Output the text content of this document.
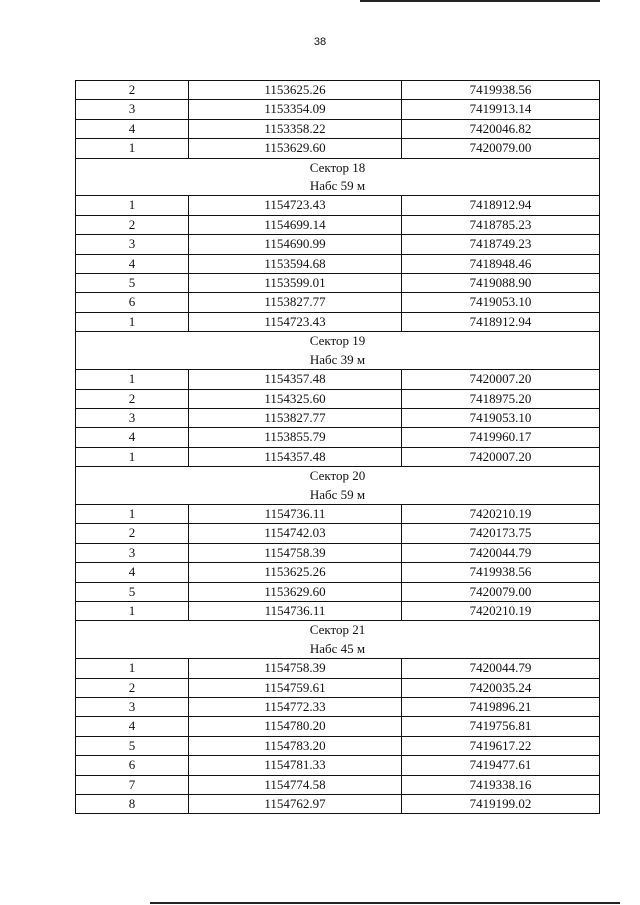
38
2	1153625.26	7419938.56
3	1153354.09	7419913.14
4	1153358.22	7420046.82
1	1153629.60	7420079.00

Сектор 18
Набс 59 м		

1	1154723.43	7418912.94
2	1154699.14	7418785.23
3	1154690.99	7418749.23
4	1153594.68	7418948.46
5	1153599.01	7419088.90
6	1153827.77	7419053.10
1	1154723.43	7418912.94

Сектор 19
Набс 39 м		

1	1154357.48	7420007.20
2	1154325.60	7418975.20
3	1153827.77	7419053.10
4	1153855.79	7419960.17
1	1154357.48	7420007.20

Сектор 20
Набс 59 м		

1	1154736.11	7420210.19
2	1154742.03	7420173.75
3	1154758.39	7420044.79
4	1153625.26	7419938.56
5	1153629.60	7420079.00
1	1154736.11	7420210.19

Сектор 21
Набс 45 м		

1	1154758.39	7420044.79
2	1154759.61	7420035.24
3	1154772.33	7419896.21
4	1154780.20	7419756.81
5	1154783.20	7419617.22
6	1154781.33	7419477.61
7	1154774.58	7419338.16
8	1154762.97	7419199.02
